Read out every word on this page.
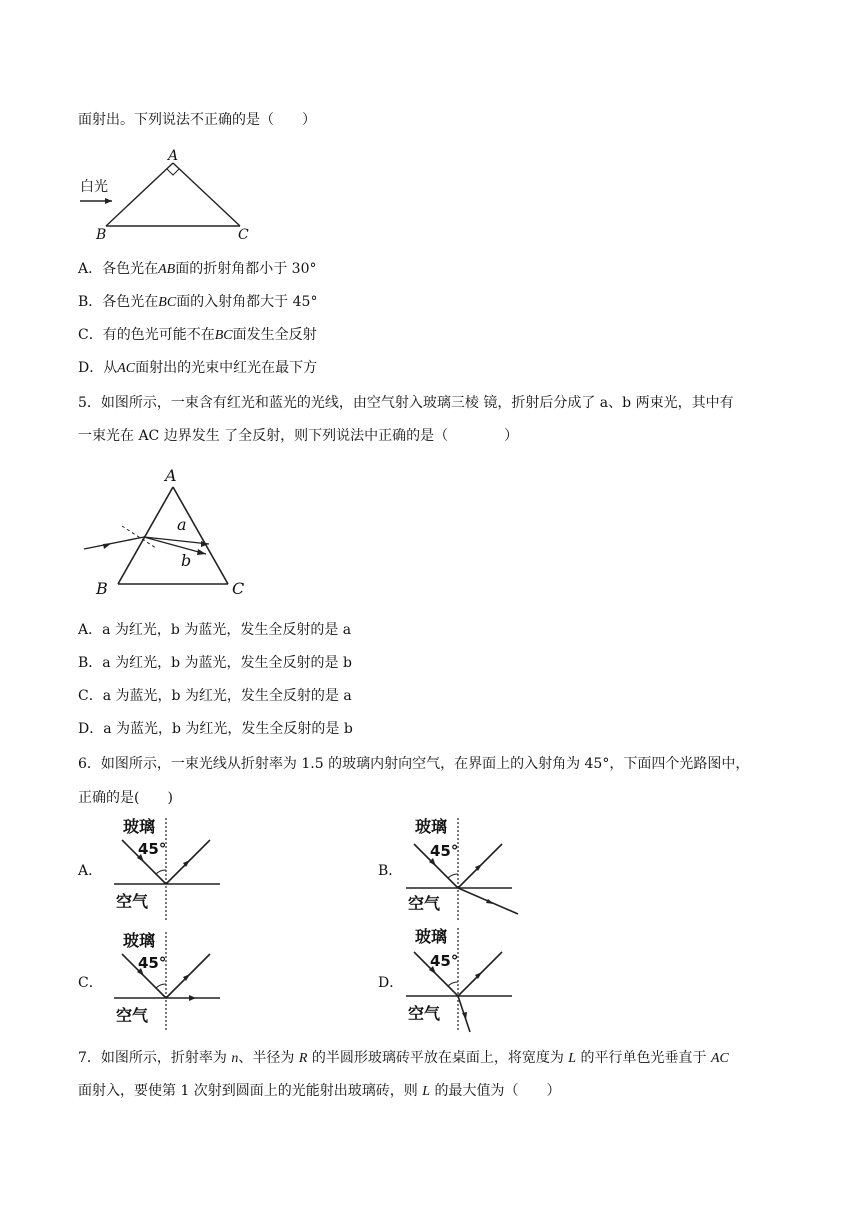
面射出。下列说法不正确的是（　　）
白光
A
B	C
A．各色光在AB面的折射角都小于 30°
B．各色光在BC面的入射角都大于 45°
C．有的色光可能不在BC面发生全反射
D．从AC面射出的光束中红光在最下方
5．如图所示，一束含有红光和蓝光的光线，由空气射入玻璃三棱 镜，折射后分成了 a、b 两束光，其中有
一束光在 AC 边界发生 了全反射，则下列说法中正确的是（　　　　）
A
a
b
B	C
A．a 为红光，b 为蓝光，发生全反射的是 a
B．a 为红光，b 为蓝光，发生全反射的是 b
C．a 为蓝光，b 为红光，发生全反射的是 a
D．a 为蓝光，b 为红光，发生全反射的是 b
6．如图所示，一束光线从折射率为 1.5 的玻璃内射向空气，在界面上的入射角为 45°，下面四个光路图中，
正确的是(　　)
A．	B．
C．	D．
玻璃
45°
空气
玻璃
45°
空气
玻璃
45°
空气
玻璃
45°
空气
7．如图所示，折射率为 n、半径为 R 的半圆形玻璃砖平放在桌面上，将宽度为 L 的平行单色光垂直于 AC
面射入，要使第 1 次射到圆面上的光能射出玻璃砖，则 L 的最大值为（　　）
